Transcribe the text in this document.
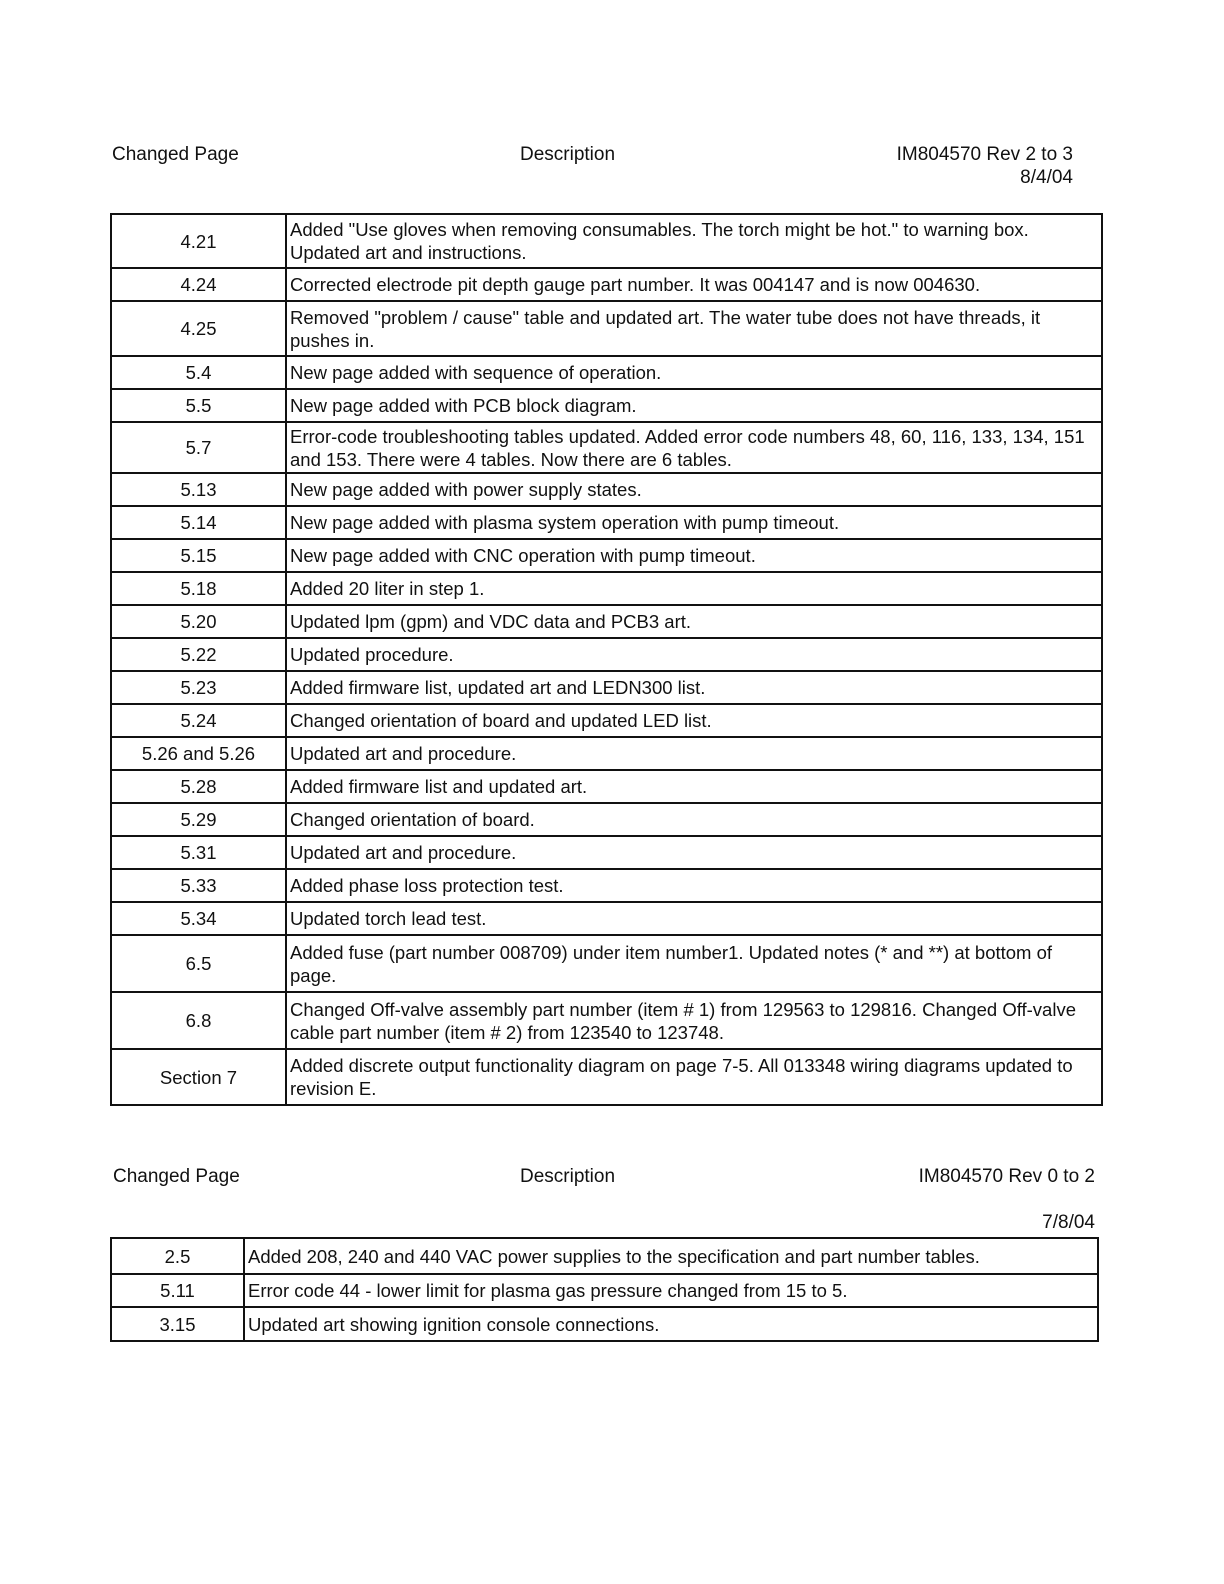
Changed Page	Description	IM804570 Rev 2 to 3
8/4/04
4.21	Added "Use gloves when removing consumables. The torch might be hot." to warning box. Updated art and instructions.
4.24	Corrected electrode pit depth gauge part number. It was 004147 and is now 004630.
4.25	Removed "problem / cause" table and updated art. The water tube does not have threads, it pushes in.
5.4	New page added with sequence of operation.
5.5	New page added with PCB block diagram.
5.7	Error-code troubleshooting tables updated. Added error code numbers 48, 60, 116, 133, 134, 151 and 153. There were 4 tables. Now there are 6 tables.
5.13	New page added with power supply states.
5.14	New page added with plasma system operation with pump timeout.
5.15	New page added with CNC operation with pump timeout.
5.18	Added 20 liter in step 1.
5.20	Updated lpm (gpm) and VDC data and PCB3 art.
5.22	Updated procedure.
5.23	Added firmware list, updated art and LEDN300 list.
5.24	Changed orientation of board and updated LED list.
5.26 and 5.26	Updated art and procedure.
5.28	Added firmware list and updated art.
5.29	Changed orientation of board.
5.31	Updated art and procedure.
5.33	Added phase loss protection test.
5.34	Updated torch lead test.
6.5	Added fuse (part number 008709) under item number1. Updated notes (* and **) at bottom of page.
6.8	Changed Off-valve assembly part number (item # 1) from 129563 to 129816. Changed Off-valve cable part number (item # 2) from 123540 to 123748.
Section 7	Added discrete output functionality diagram on page 7-5. All 013348 wiring diagrams updated to revision E.
Changed Page	Description	IM804570 Rev 0 to 2
7/8/04
2.5	Added 208, 240 and 440 VAC power supplies to the specification and part number tables.
5.11	Error code 44 - lower limit for plasma gas pressure changed from 15 to 5.
3.15	Updated art showing ignition console connections.
